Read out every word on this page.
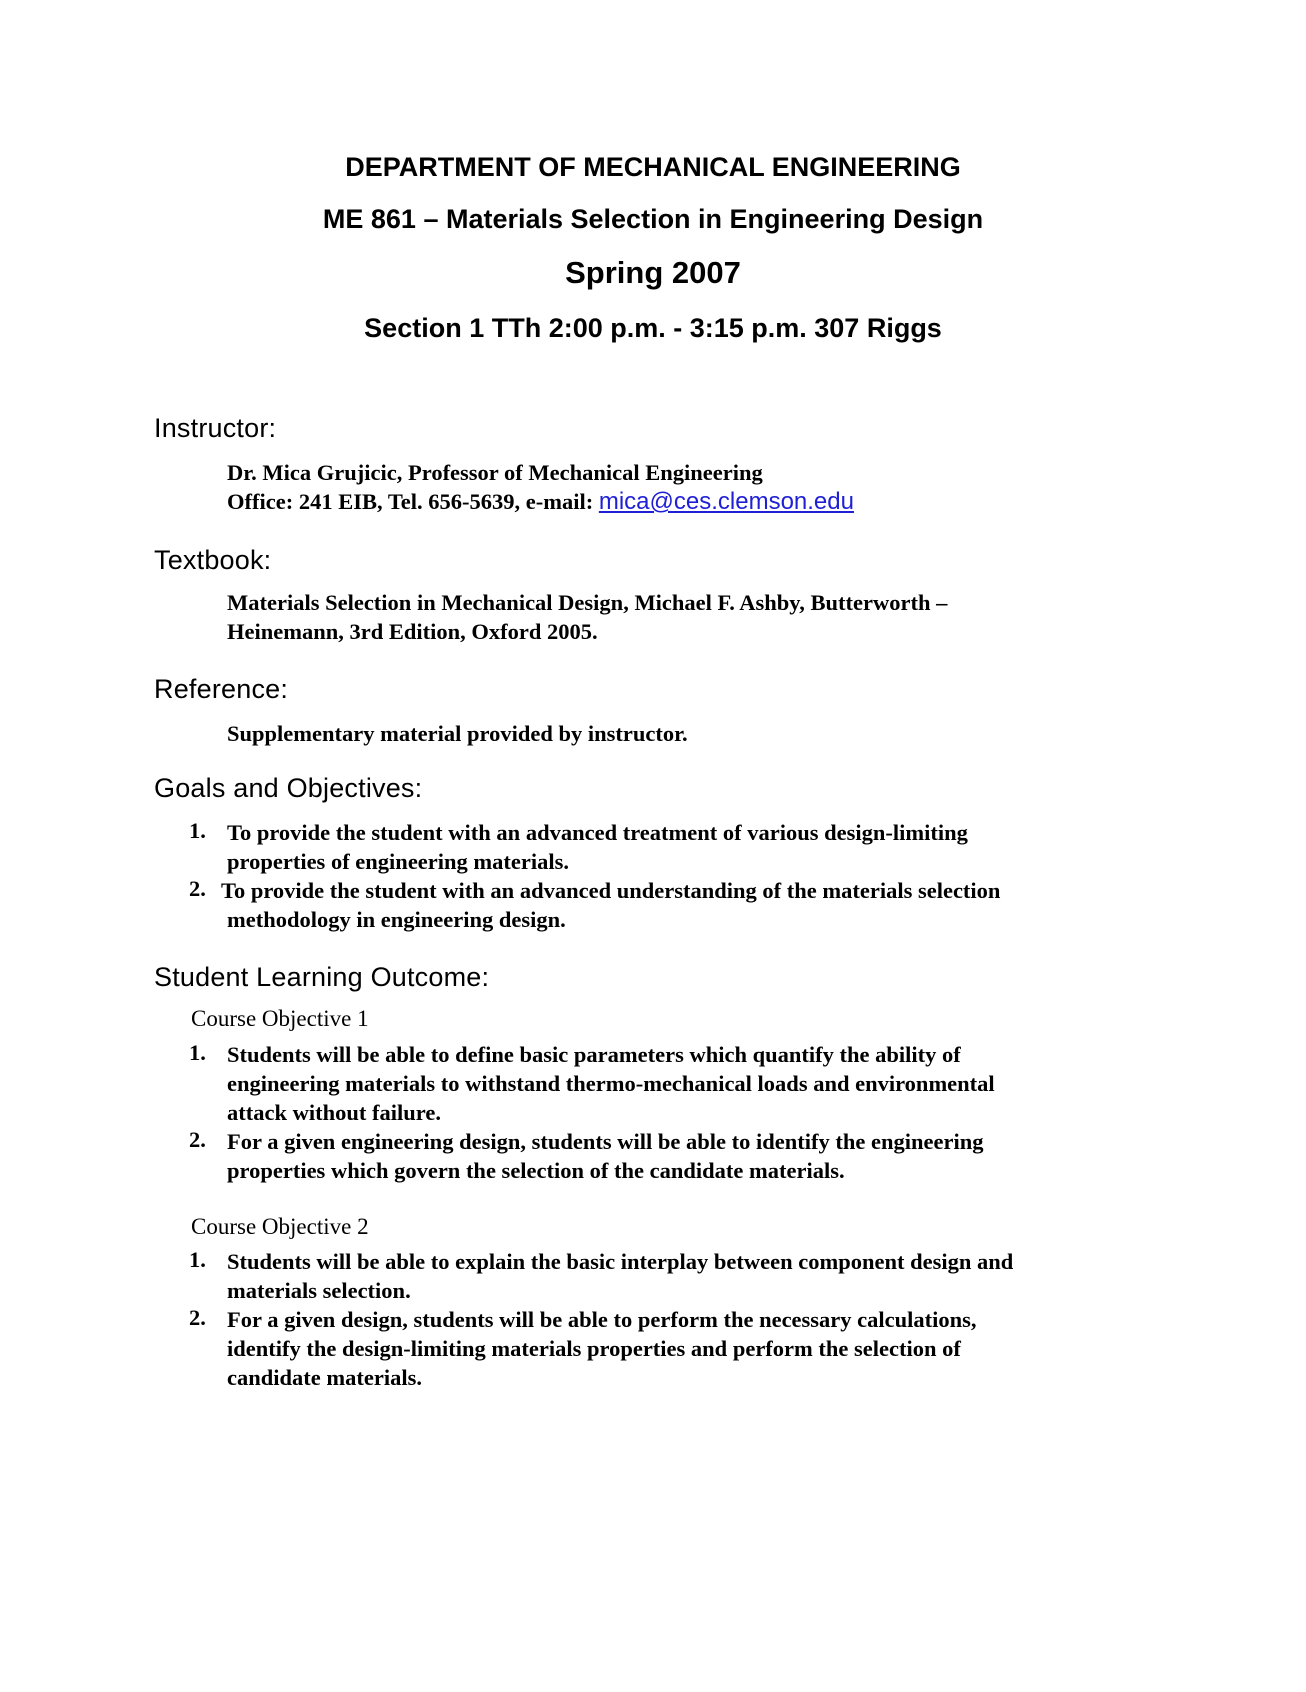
DEPARTMENT OF MECHANICAL ENGINEERING
ME 861 – Materials Selection in Engineering Design
Spring 2007
Section 1 TTh 2:00 p.m. - 3:15 p.m. 307 Riggs
Instructor:
Dr. Mica Grujicic, Professor of Mechanical Engineering
Office: 241 EIB, Tel. 656-5639, e-mail: mica@ces.clemson.edu
Textbook:
Materials Selection in Mechanical Design, Michael F. Ashby, Butterworth –
Heinemann, 3rd Edition, Oxford 2005.
Reference:
Supplementary material provided by instructor.
Goals and Objectives:
1. To provide the student with an advanced treatment of various design-limiting
properties of engineering materials.
2. To provide the student with an advanced understanding of the materials selection
methodology in engineering design.
Student Learning Outcome:
Course Objective 1
1. Students will be able to define basic parameters which quantify the ability of
engineering materials to withstand thermo-mechanical loads and environmental
attack without failure.
2. For a given engineering design, students will be able to identify the engineering
properties which govern the selection of the candidate materials.
Course Objective 2
1. Students will be able to explain the basic interplay between component design and
materials selection.
2. For a given design, students will be able to perform the necessary calculations,
identify the design-limiting materials properties and perform the selection of
candidate materials.
